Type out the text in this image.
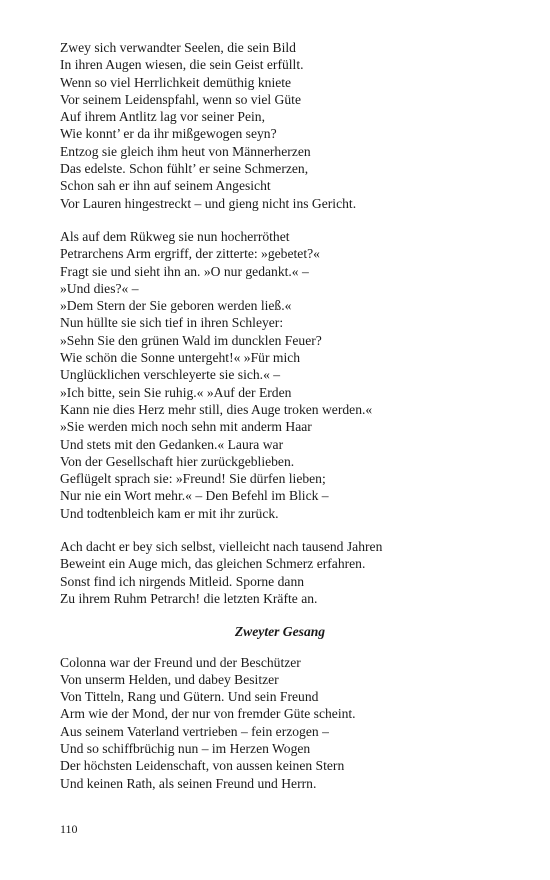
Zwey sich verwandter Seelen, die sein Bild
In ihren Augen wiesen, die sein Geist erfüllt.
Wenn so viel Herrlichkeit demüthig kniete
Vor seinem Leidenspfahl, wenn so viel Güte
Auf ihrem Antlitz lag vor seiner Pein,
Wie konnt’ er da ihr mißgewogen seyn?
Entzog sie gleich ihm heut von Männerherzen
Das edelste. Schon fühlt’ er seine Schmerzen,
Schon sah er ihn auf seinem Angesicht
Vor Lauren hingestreckt – und gieng nicht ins Gericht.
Als auf dem Rükweg sie nun hocherröthet
Petrarchens Arm ergriff, der zitterte: »gebetet?«
Fragt sie und sieht ihn an. »O nur gedankt.« –
»Und dies?« –
»Dem Stern der Sie geboren werden ließ.«
Nun hüllte sie sich tief in ihren Schleyer:
»Sehn Sie den grünen Wald im duncklen Feuer?
Wie schön die Sonne untergeht!« »Für mich
Unglücklichen verschleyerte sie sich.« –
»Ich bitte, sein Sie ruhig.« »Auf der Erden
Kann nie dies Herz mehr still, dies Auge troken werden.«
»Sie werden mich noch sehn mit anderm Haar
Und stets mit den Gedanken.« Laura war
Von der Gesellschaft hier zurückgeblieben.
Geflügelt sprach sie: »Freund! Sie dürfen lieben;
Nur nie ein Wort mehr.« – Den Befehl im Blick –
Und todtenbleich kam er mit ihr zurück.
Ach dacht er bey sich selbst, vielleicht nach tausend Jahren
Beweint ein Auge mich, das gleichen Schmerz erfahren.
Sonst find ich nirgends Mitleid. Sporne dann
Zu ihrem Ruhm Petrarch! die letzten Kräfte an.
Zweyter Gesang
Colonna war der Freund und der Beschützer
Von unserm Helden, und dabey Besitzer
Von Titteln, Rang und Gütern. Und sein Freund
Arm wie der Mond, der nur von fremder Güte scheint.
Aus seinem Vaterland vertrieben – fein erzogen –
Und so schiffbrüchig nun – im Herzen Wogen
Der höchsten Leidenschaft, von aussen keinen Stern
Und keinen Rath, als seinen Freund und Herrn.
110
